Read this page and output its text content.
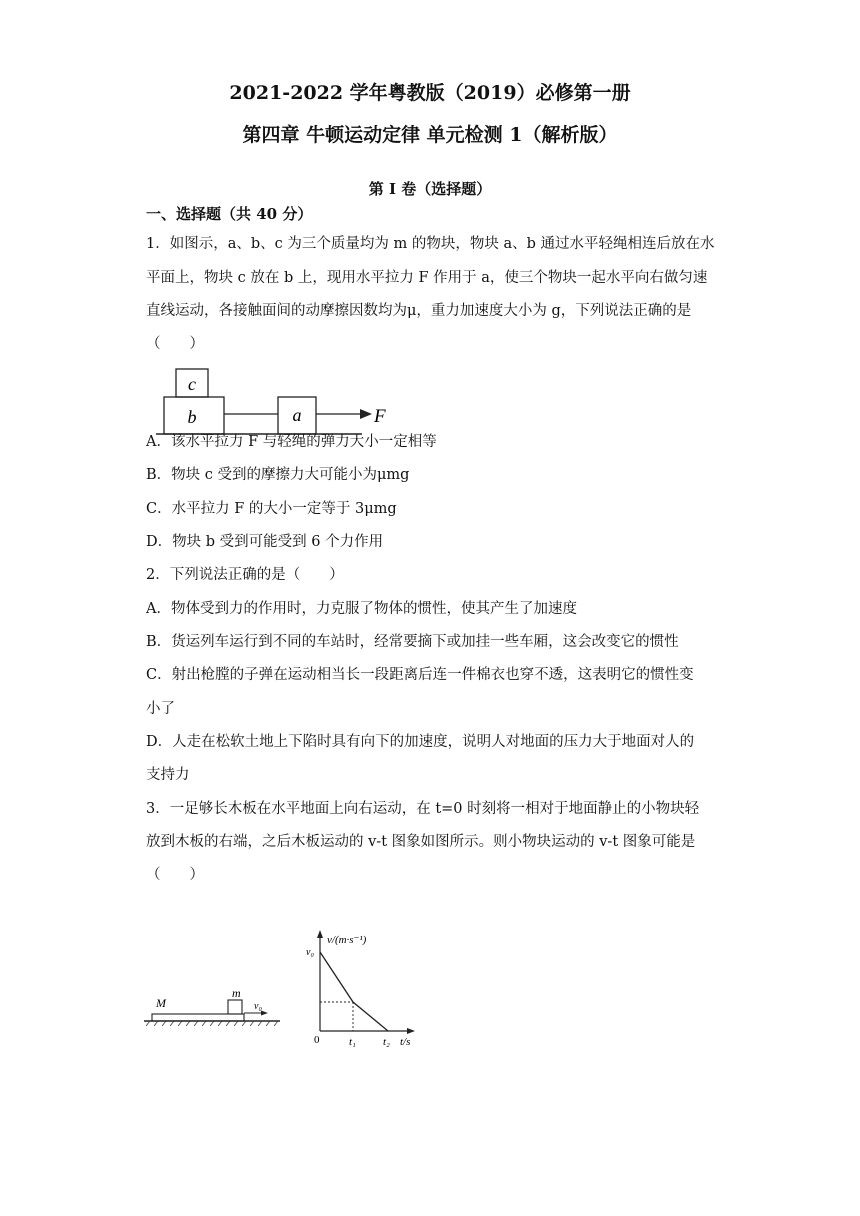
2021-2022 学年粤教版（2019）必修第一册
第四章 牛顿运动定律 单元检测 1（解析版）
第 I 卷（选择题）
一、选择题（共 40 分）
1．如图示，a、b、c 为三个质量均为 m 的物块，物块 a、b 通过水平轻绳相连后放在水
平面上，物块 c 放在 b 上，现用水平拉力 F 作用于 a，使三个物块一起水平向右做匀速
直线运动，各接触面间的动摩擦因数均为μ，重力加速度大小为 g，下列说法正确的是
（　　）
c
b	a	F
A．该水平拉力 F 与轻绳的弹力大小一定相等
B．物块 c 受到的摩擦力大可能小为μmg
C．水平拉力 F 的大小一定等于 3μmg
D．物块 b 受到可能受到 6 个力作用
2．下列说法正确的是（　　）
A．物体受到力的作用时，力克服了物体的惯性，使其产生了加速度
B．货运列车运行到不同的车站时，经常要摘下或加挂一些车厢，这会改变它的惯性
C．射出枪膛的子弹在运动相当长一段距离后连一件棉衣也穿不透，这表明它的惯性变
小了
D．人走在松软土地上下陷时具有向下的加速度，说明人对地面的压力大于地面对人的
支持力
3．一足够长木板在水平地面上向右运动，在 t=0 时刻将一相对于地面静止的小物块轻
放到木板的右端，之后木板运动的 v-t 图象如图所示。则小物块运动的 v-t 图象可能是
（　　）
M
m
v₀
v/(m·s⁻¹)
v₀
0	t₁ t₂ t/s
